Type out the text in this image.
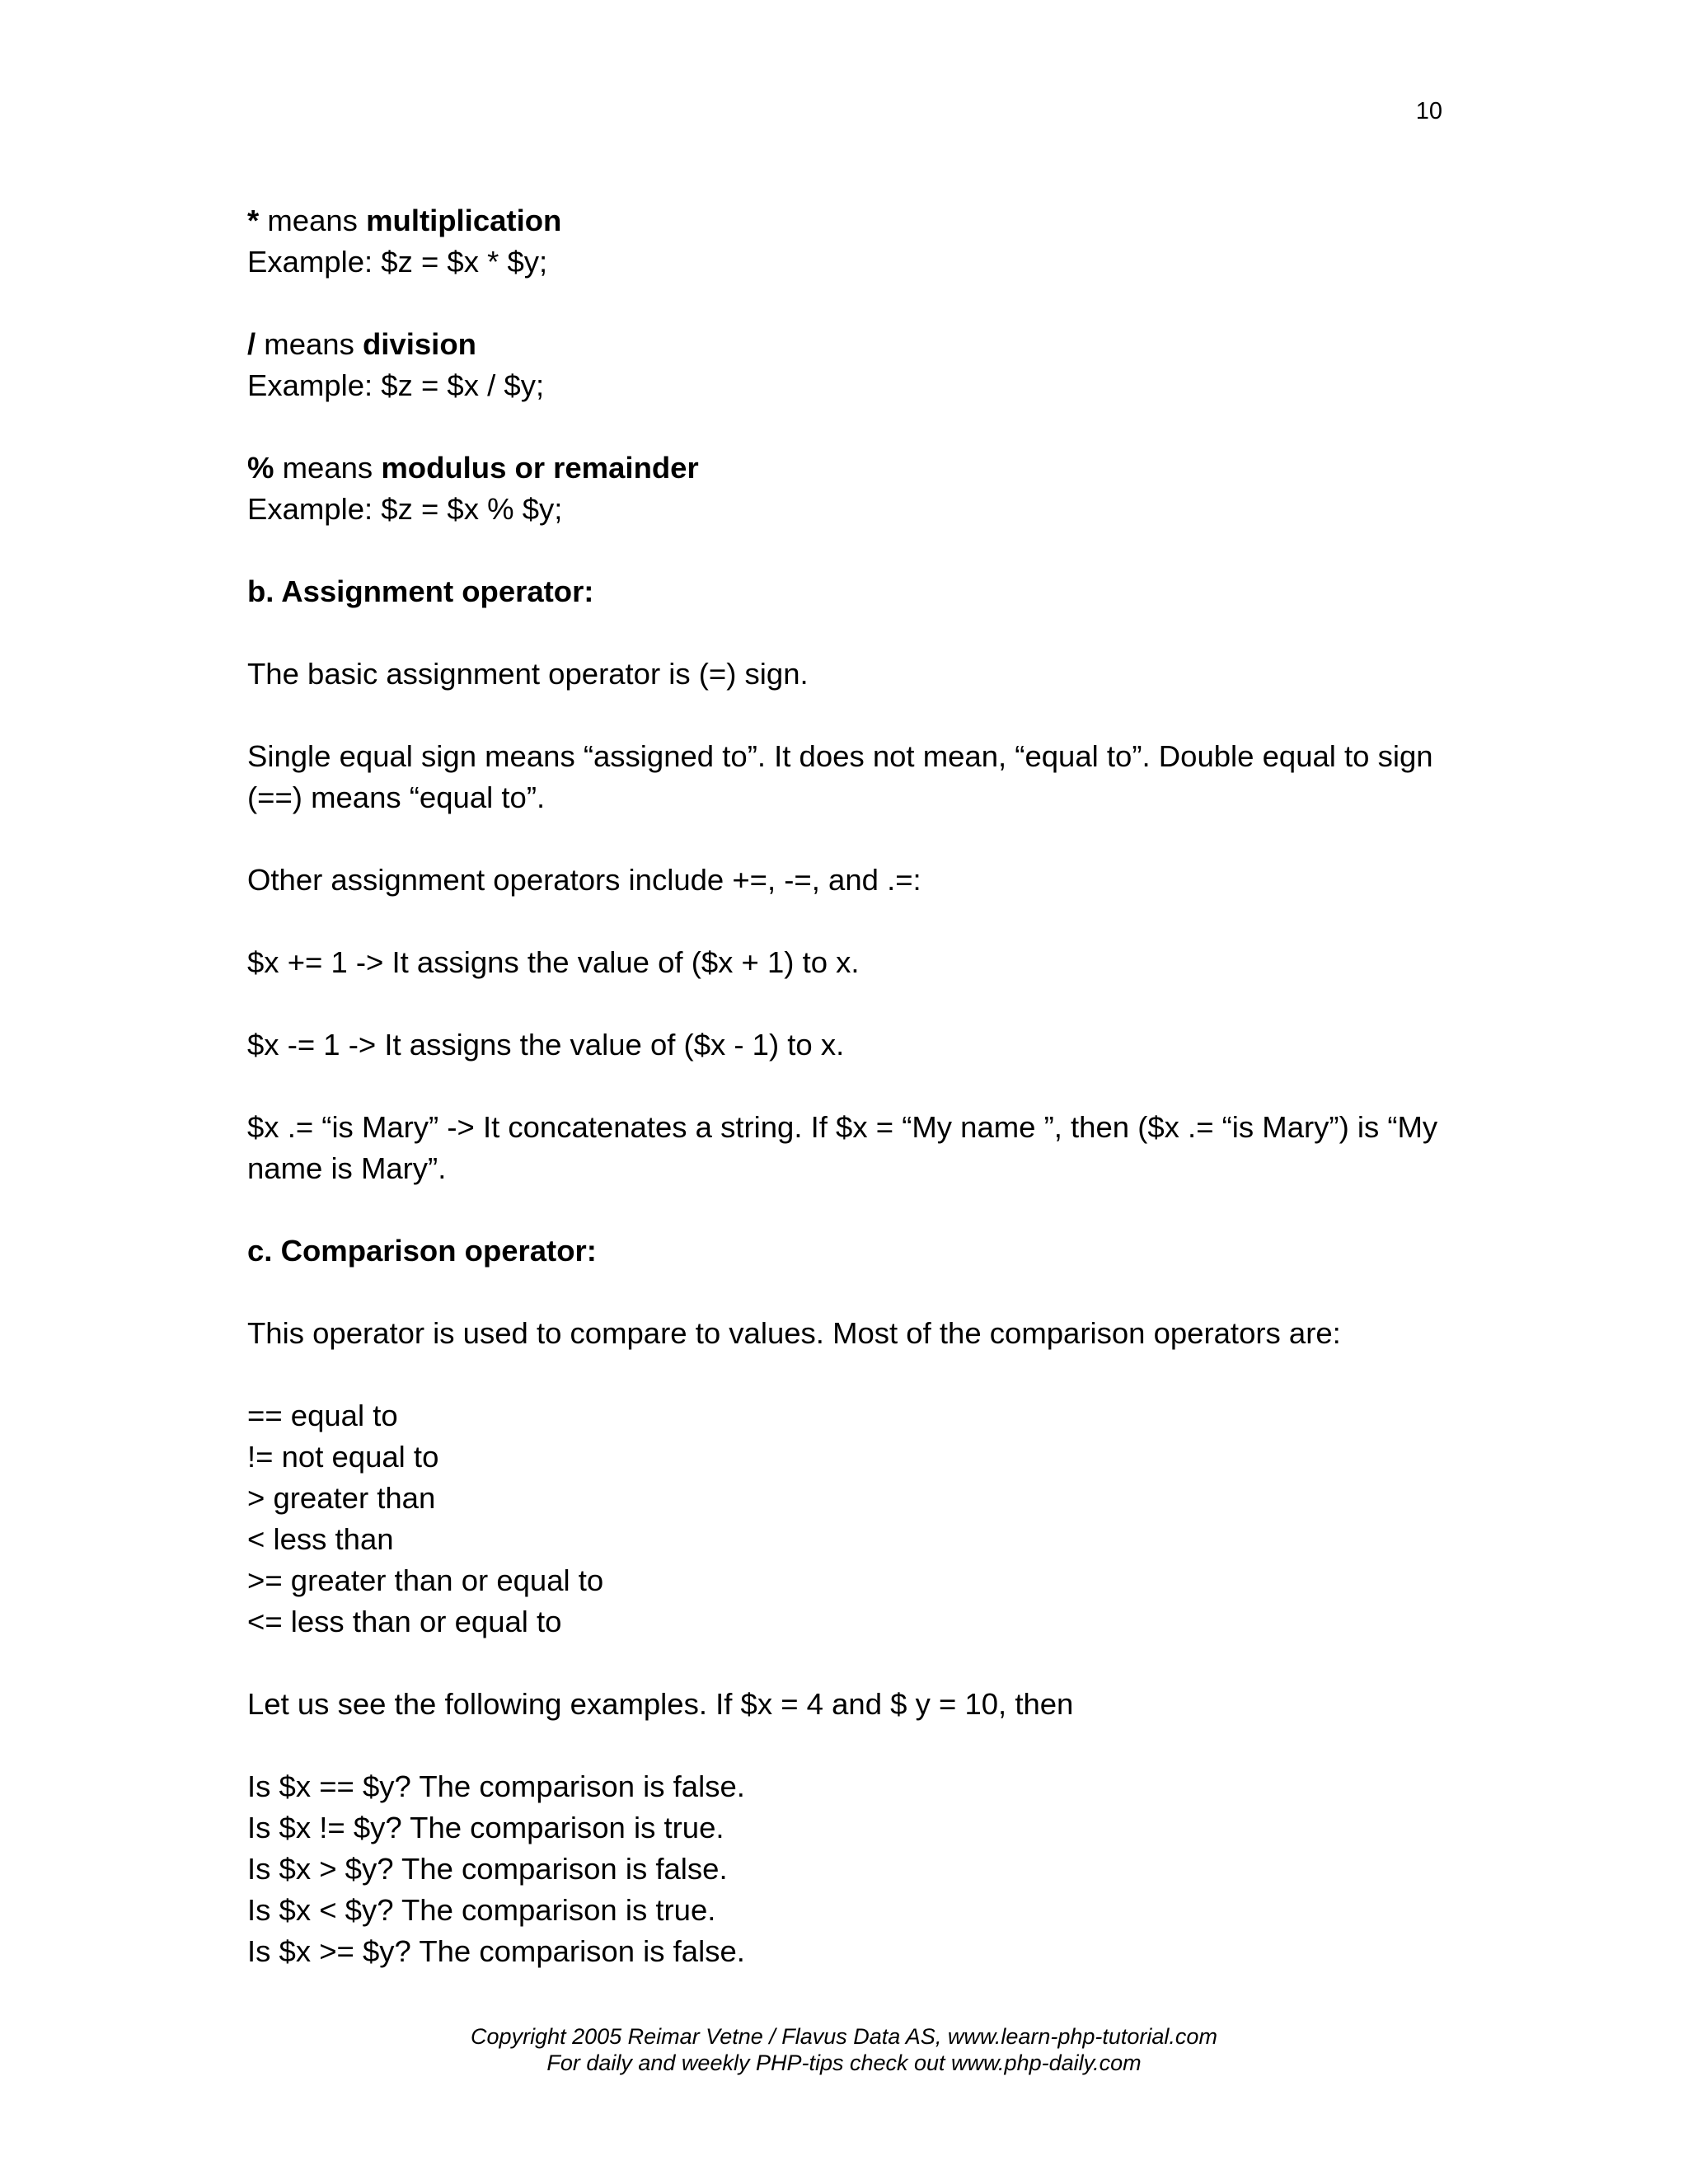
10

* means multiplication

Example: $z = $x * $y;

/ means division

Example: $z = $x / $y;

% means modulus or remainder

Example: $z = $x % $y;

b. Assignment operator:

The basic assignment operator is (=) sign.

Single equal sign means “assigned to”. It does not mean, “equal to”. Double equal to sign (==) means “equal to”.

Other assignment operators include +=, -=, and .=:

$x += 1 -> It assigns the value of ($x + 1) to x.

$x -= 1 -> It assigns the value of ($x - 1) to x.

$x .= “is Mary” -> It concatenates a string. If $x = “My name ”, then ($x .= “is Mary”) is “My name is Mary”.

c. Comparison operator:

This operator is used to compare to values. Most of the comparison operators are:

== equal to

!= not equal to

> greater than

< less than

>= greater than or equal to

<= less than or equal to

Let us see the following examples. If $x = 4 and $ y = 10, then

Is $x == $y? The comparison is false.

Is $x != $y? The comparison is true.

Is $x > $y? The comparison is false.

Is $x < $y? The comparison is true.

Is $x >= $y? The comparison is false.

Copyright 2005 Reimar Vetne / Flavus Data AS, www.learn-php-tutorial.com

For daily and weekly PHP-tips check out www.php-daily.com
